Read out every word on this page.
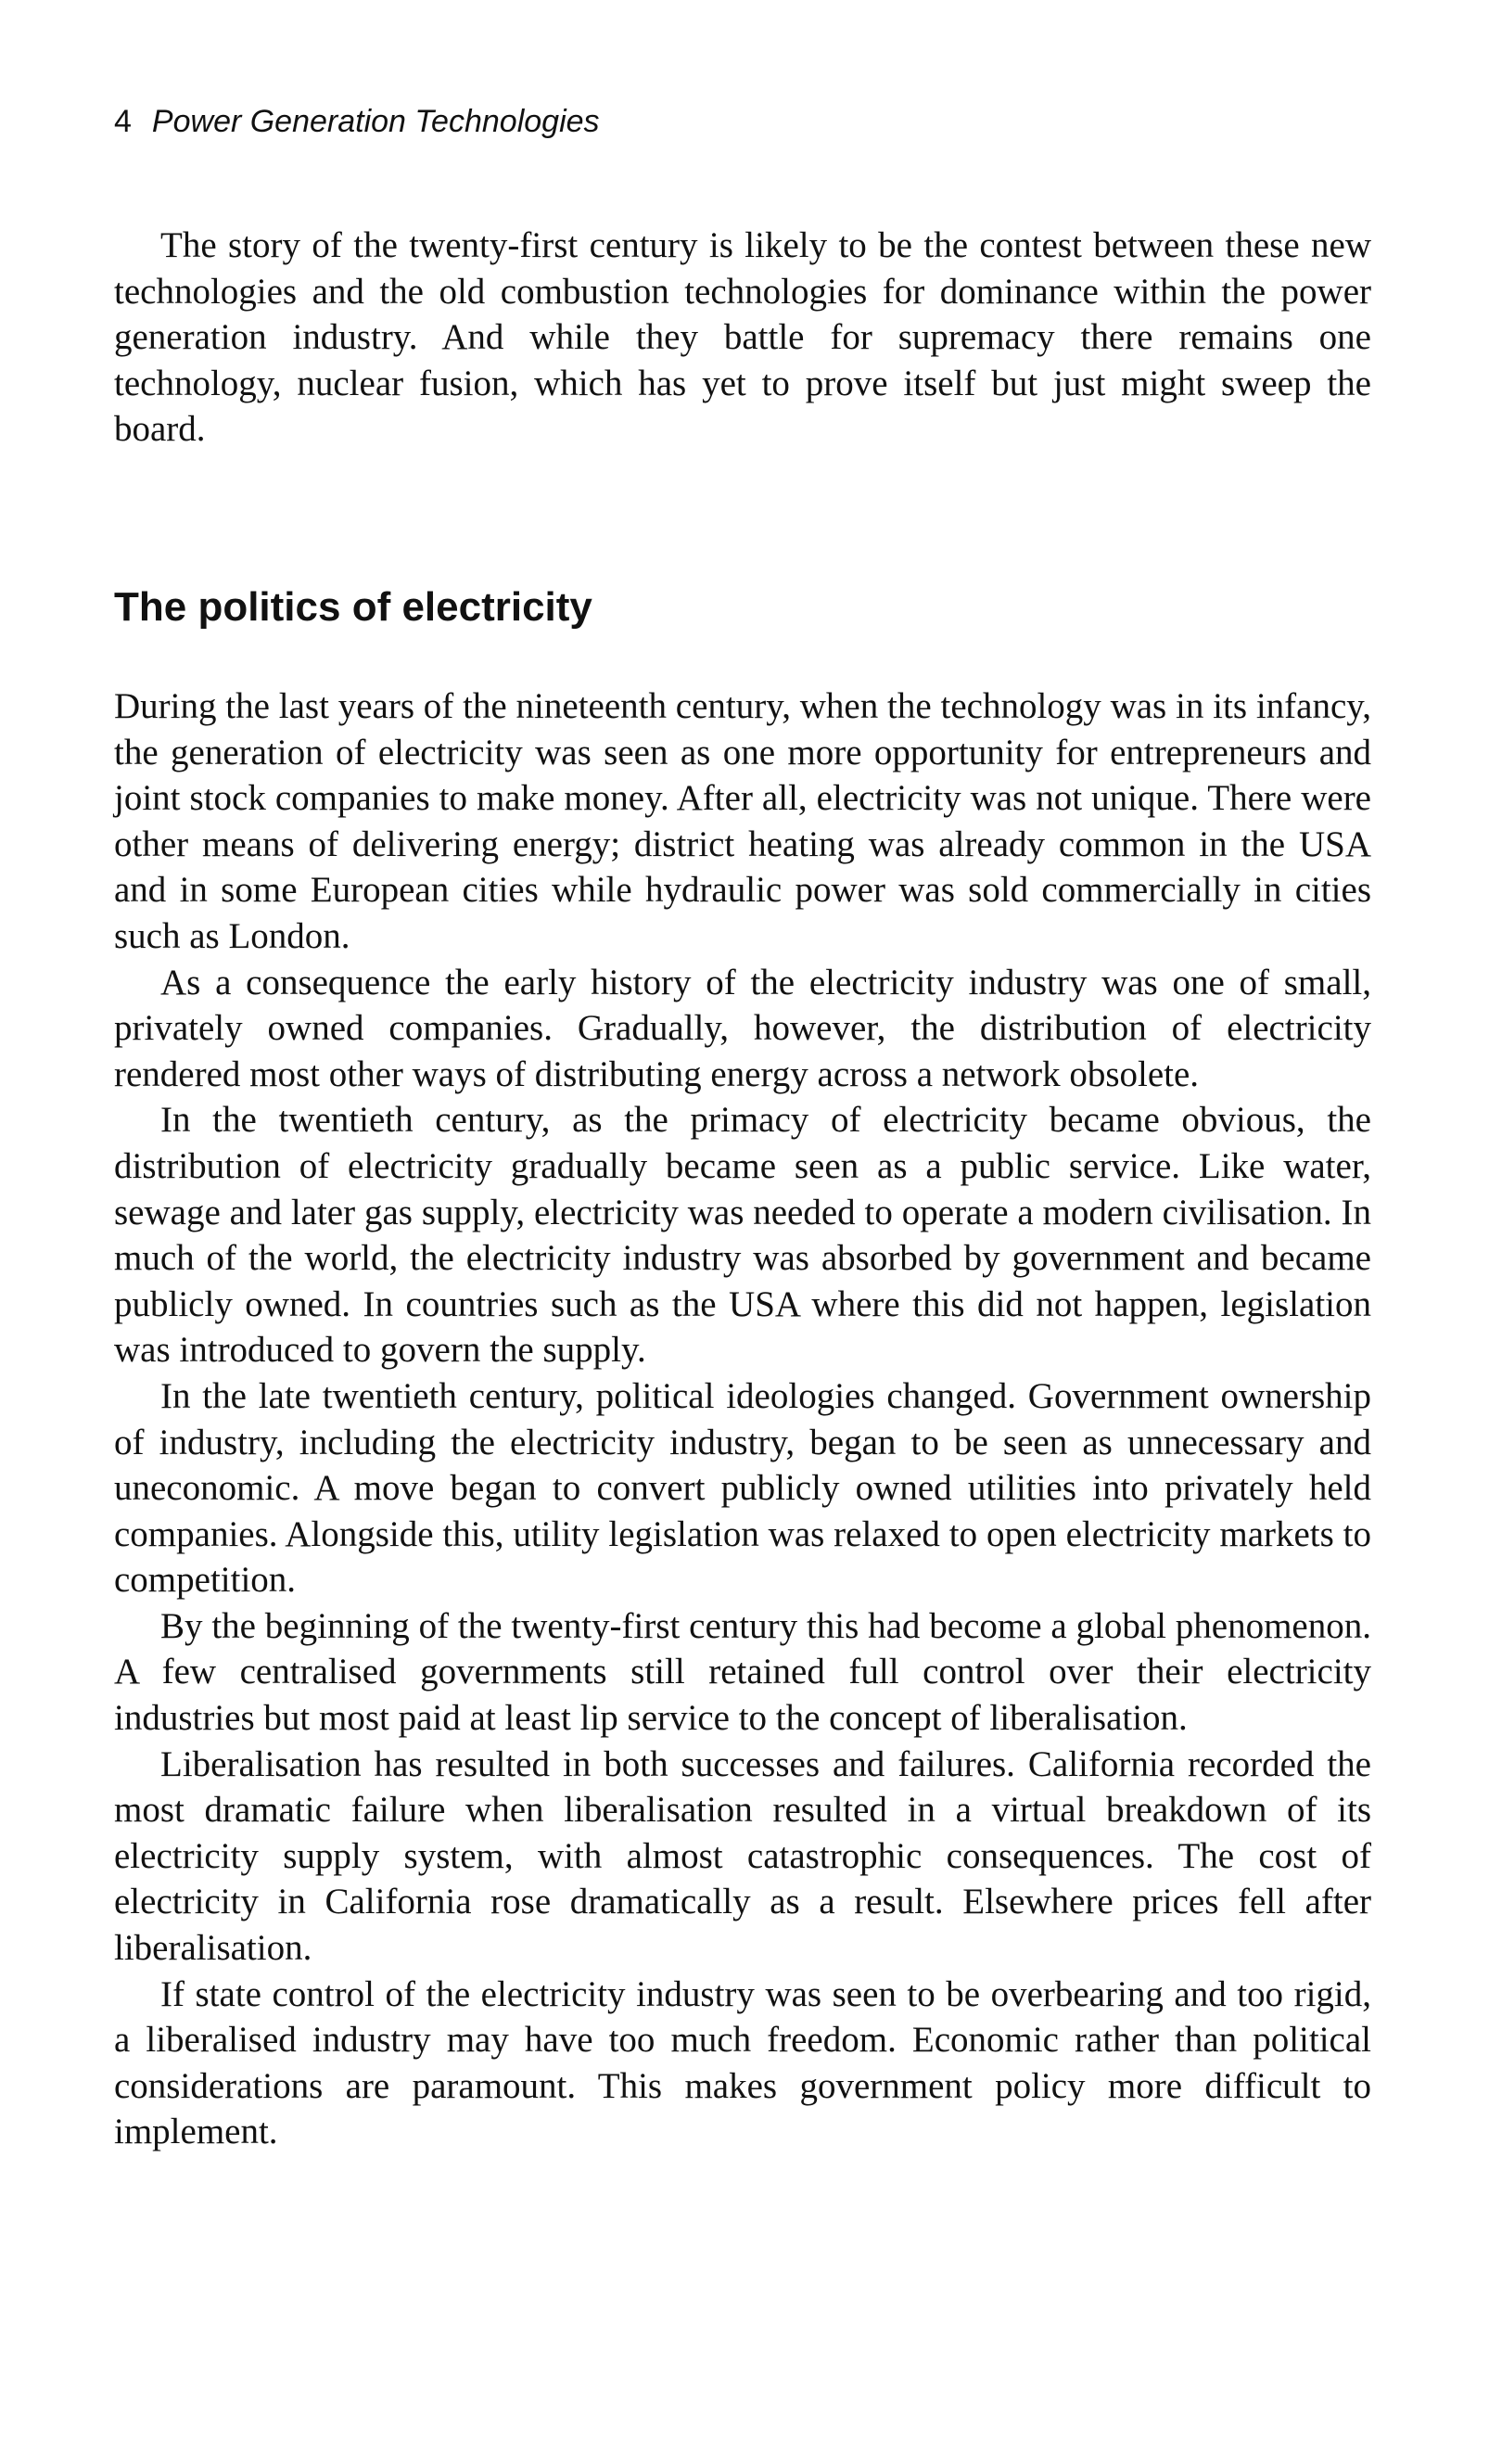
4 Power Generation Technologies

The story of the twenty-first century is likely to be the contest between these new technologies and the old combustion technologies for dominance within the power generation industry. And while they battle for supremacy there remains one technology, nuclear fusion, which has yet to prove itself but just might sweep the board.

The politics of electricity

During the last years of the nineteenth century, when the technology was in its infancy, the generation of electricity was seen as one more opportunity for entrepreneurs and joint stock companies to make money. After all, electricity was not unique. There were other means of delivering energy; district heating was already common in the USA and in some European cities while hydraulic power was sold commercially in cities such as London.

As a consequence the early history of the electricity industry was one of small, privately owned companies. Gradually, however, the distribution of electricity rendered most other ways of distributing energy across a network obsolete.

In the twentieth century, as the primacy of electricity became obvious, the distribution of electricity gradually became seen as a public service. Like water, sewage and later gas supply, electricity was needed to operate a modern civilisation. In much of the world, the electricity industry was absorbed by government and became publicly owned. In countries such as the USA where this did not happen, legislation was introduced to govern the supply.

In the late twentieth century, political ideologies changed. Government ownership of industry, including the electricity industry, began to be seen as unnecessary and uneconomic. A move began to convert publicly owned utilities into privately held companies. Alongside this, utility legislation was relaxed to open electricity markets to competition.

By the beginning of the twenty-first century this had become a global phenomenon. A few centralised governments still retained full control over their electricity industries but most paid at least lip service to the concept of liberalisation.

Liberalisation has resulted in both successes and failures. California recorded the most dramatic failure when liberalisation resulted in a virtual breakdown of its electricity supply system, with almost catastrophic consequences. The cost of electricity in California rose dramatically as a result. Elsewhere prices fell after liberalisation.

If state control of the electricity industry was seen to be overbearing and too rigid, a liberalised industry may have too much freedom. Economic rather than political considerations are paramount. This makes government policy more difficult to implement.
